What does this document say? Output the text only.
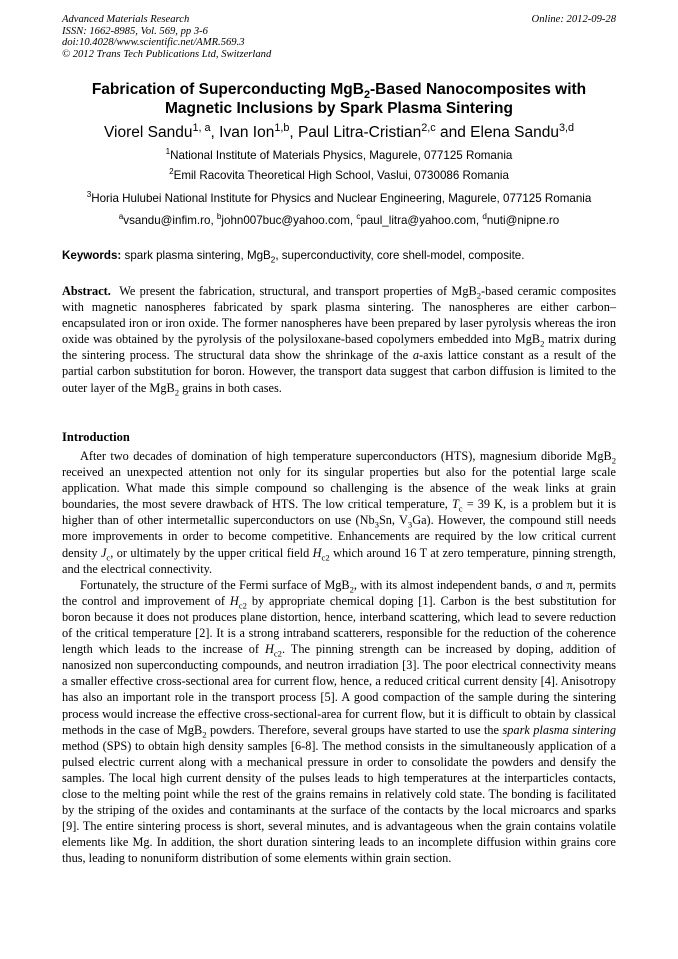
Advanced Materials Research
ISSN: 1662-8985, Vol. 569, pp 3-6
doi:10.4028/www.scientific.net/AMR.569.3
© 2012 Trans Tech Publications Ltd, Switzerland
Online: 2012-09-28
Fabrication of Superconducting MgB$_2$-Based Nanocomposites with
Magnetic Inclusions by Spark Plasma Sintering
Viorel Sandu$^{1, a}$, Ivan Ion$^{1,b}$, Paul Litra-Cristian$^{2,c}$ and Elena Sandu$^{3,d}$
$^1$National Institute of Materials Physics, Magurele, 077125 Romania
$^2$Emil Racovita Theoretical High School, Vaslui, 0730086 Romania
$^3$Horia Hulubei National Institute for Physics and Nuclear Engineering, Magurele, 077125 Romania
$^a$vsandu@infim.ro, $^b$john007buc@yahoo.com, $^c$paul_litra@yahoo.com, $^d$nuti@nipne.ro
Keywords: spark plasma sintering, MgB$_2$, superconductivity, core shell-model, composite.
Abstract. We present the fabrication, structural, and transport properties of MgB$_2$-based ceramic composites with magnetic nanospheres fabricated by spark plasma sintering. The nanospheres are either carbon–encapsulated iron or iron oxide. The former nanospheres have been prepared by laser pyrolysis whereas the iron oxide was obtained by the pyrolysis of the polysiloxane-based copolymers embedded into MgB$_2$ matrix during the sintering process. The structural data show the shrinkage of the a-axis lattice constant as a result of the partial carbon substitution for boron. However, the transport data suggest that carbon diffusion is limited to the outer layer of the MgB$_2$ grains in both cases.
Introduction

After two decades of domination of high temperature superconductors (HTS), magnesium diboride MgB$_2$ received an unexpected attention not only for its singular properties but also for the potential large scale application. What made this simple compound so challenging is the absence of the weak links at grain boundaries, the most severe drawback of HTS. The low critical temperature, $T_c = 39$ K, is a problem but it is higher than of other intermetallic superconductors on use ($Nb_3Sn$, $V_3Ga$). However, the compound still needs more improvements in order to become competitive. Enhancements are required by the low critical current density $J_c$, or ultimately by the upper critical field $H_{c2}$ which around 16 T at zero temperature, pinning strength, and the electrical connectivity.

Fortunately, the structure of the Fermi surface of MgB$_2$, with its almost independent bands, σ and π, permits the control and improvement of $H_{c2}$ by appropriate chemical doping [1]. Carbon is the best substitution for boron because it does not produces plane distortion, hence, interband scattering, which lead to severe reduction of the critical temperature [2]. It is a strong intraband scatterers, responsible for the reduction of the coherence length which leads to the increase of $H_{c2}$. The pinning strength can be increased by doping, addition of nanosized non superconducting compounds, and neutron irradiation [3]. The poor electrical connectivity means a smaller effective cross-sectional area for current flow, hence, a reduced critical current density [4]. Anisotropy has also an important role in the transport process [5]. A good compaction of the sample during the sintering process would increase the effective cross-sectional-area for current flow, but it is difficult to obtain by classical methods in the case of MgB$_2$ powders. Therefore, several groups have started to use the spark plasma sintering method (SPS) to obtain high density samples [6-8]. The method consists in the simultaneously application of a pulsed electric current along with a mechanical pressure in order to consolidate the powders and densify the samples. The local high current density of the pulses leads to high temperatures at the interparticles contacts, close to the melting point while the rest of the grains remains in relatively cold state. The bonding is facilitated by the striping of the oxides and contaminants at the surface of the contacts by the local microarcs and sparks [9]. The entire sintering process is short, several minutes, and is advantageous when the grain contains volatile elements like Mg. In addition, the short duration sintering leads to an incomplete diffusion within grains core thus, leading to nonuniform distribution of some elements within grain section.
